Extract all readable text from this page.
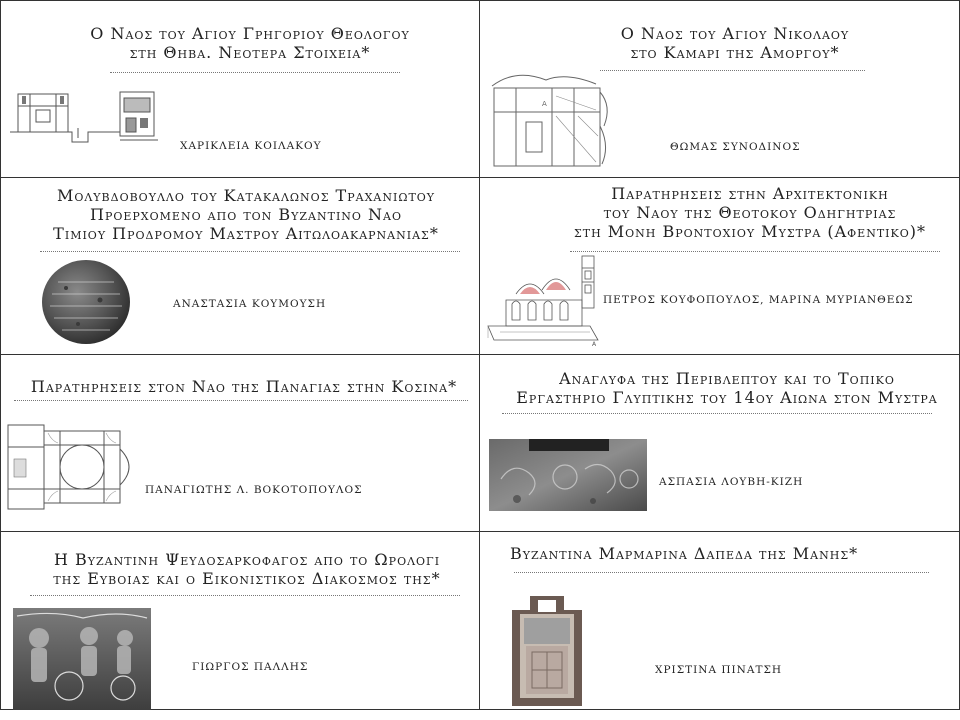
Ο Ναος του Αγιου Γρηγοριου Θεολογου
στη Θηβα. Νεοτερα Στοιχεια*
ΧΑΡΙΚΛΕΙΑ ΚΟΙΛΑΚΟΥ
Ο Ναος του Αγιου Νικολαου
στο Καμαρι της Αμοργου*
A
ΘΩΜΑΣ ΣΥΝΟΔΙΝΟΣ
Μολυβδοβουλλο του Κατακαλωνος Τραχανιωτου
Προερχομενο απο τον Βυζαντινο Ναο
Τιμιου Προδρομου Μαστρου Αιτωλοακαρνανιας*
ΑΝΑΣΤΑΣΙΑ ΚΟΥΜΟΥΣΗ
Παρατηρησεις στην Αρχιτεκτονικη
του Ναου της Θεοτοκου Οδηγητριας
στη Μονη Βροντοχιου Μυστρα (Αφεντικο)*
A
ΠΕΤΡΟΣ ΚΟΥΦΟΠΟΥΛΟΣ, ΜΑΡΙΝΑ ΜΥΡΙΑΝΘΕΩΣ
Παρατηρησεις στον Ναο της Παναγιας στην Κοσινα*
ΠΑΝΑΓΙΩΤΗΣ Λ. ΒΟΚΟΤΟΠΟΥΛΟΣ
Αναγλυφα της Περιβλεπτου και το Τοπικο
Εργαστηριο Γλυπτικης του 14ου Αιωνα στον Μυστρα
ΑΣΠΑΣΙΑ ΛΟΥΒΗ-ΚΙΖΗ
Η Βυζαντινη Ψευδοσαρκοφαγος απο το Ωρολογι
της Ευβοιας και ο Εικονιστικος Διακοσμος της*
ΓΙΩΡΓΟΣ ΠΑΛΛΗΣ
Βυζαντινα Μαρμαρινα Δαπεδα της Μανης*
ΧΡΙΣΤΙΝΑ ΠΙΝΑΤΣΗ
